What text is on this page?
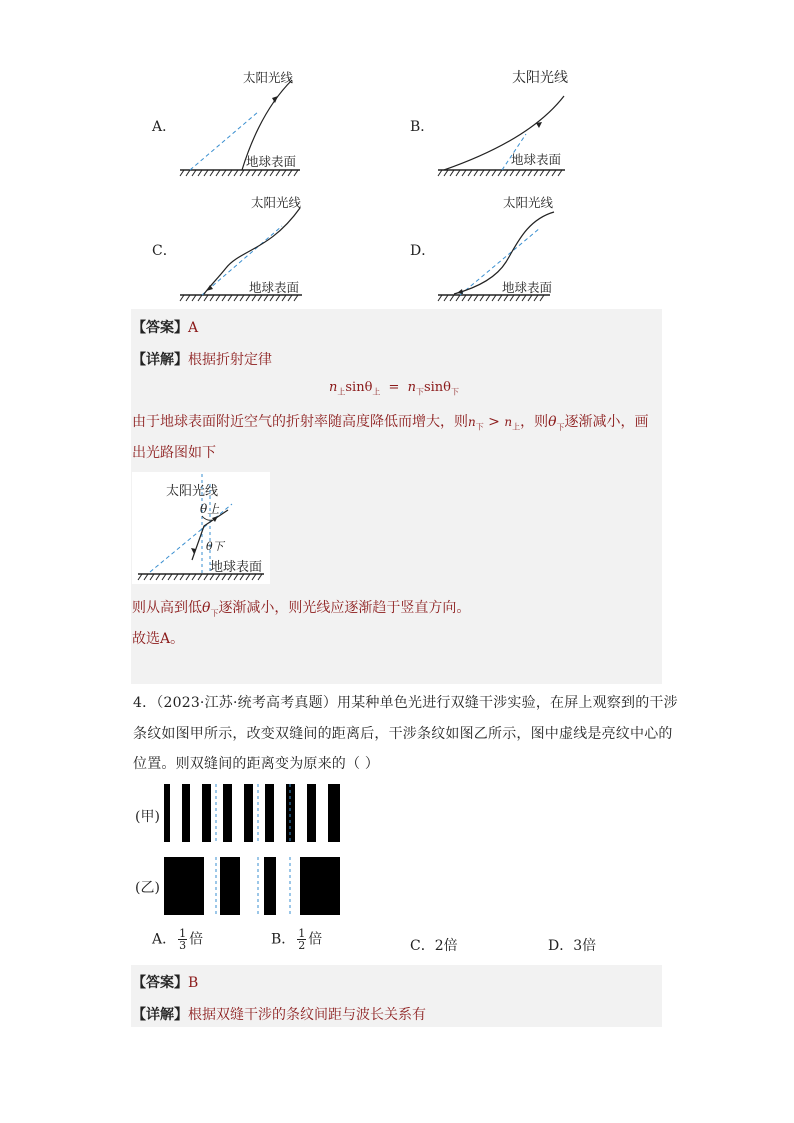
A．
太阳光线
地球表面
B．
太阳光线
地球表面
C．
太阳光线
地球表面
D．
太阳光线
地球表面
【答案】A
【详解】根据折射定律
$n_上\sin\theta_上 = n_下\sin\theta_下$
由于地球表面附近空气的折射率随高度降低而增大，则$n_下 > n_上$，则$\theta_下$逐渐减小，画
出光路图如下
太阳光线
θ上
θ下
地球表面
则从高到低$\theta_下$逐渐减小，则光线应逐渐趋于竖直方向。
故选A。
4．（2023·江苏·统考高考真题）用某种单色光进行双缝干涉实验，在屏上观察到的干涉
条纹如图甲所示，改变双缝间的距离后，干涉条纹如图乙所示，图中虚线是亮纹中心的
位置。则双缝间的距离变为原来的（ ）
(甲)
(乙)
A． $\frac{1}{3}$ 倍	B． $\frac{1}{2}$ 倍	C．2倍	D．3倍
【答案】B
【详解】根据双缝干涉的条纹间距与波长关系有
